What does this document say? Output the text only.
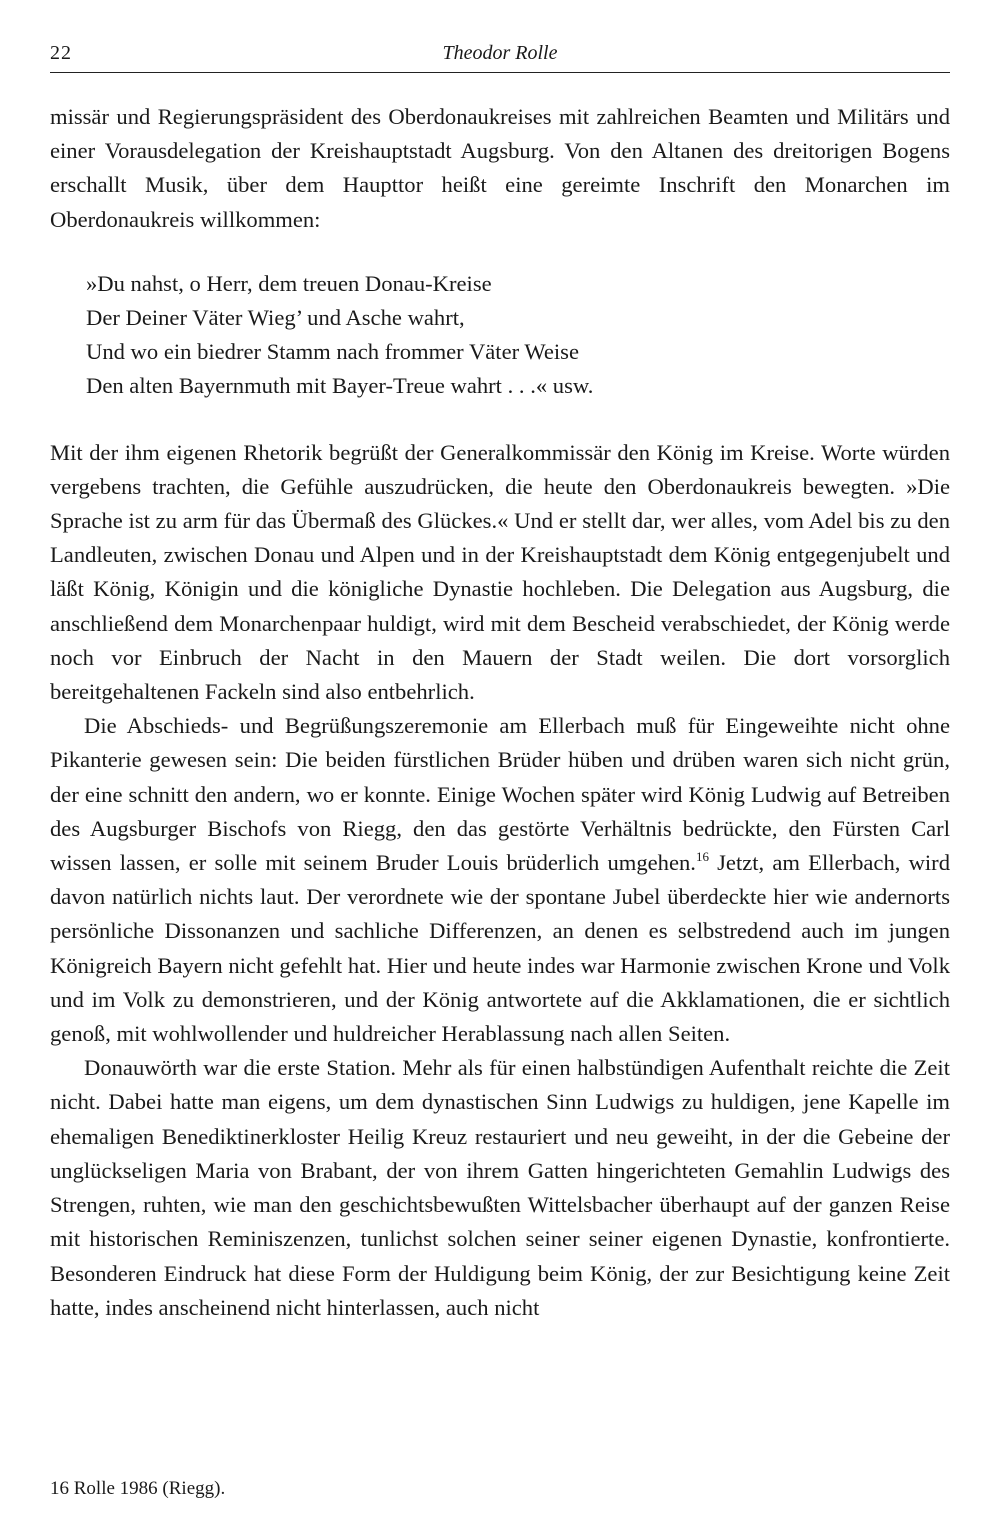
22	Theodor Rolle

missär und Regierungspräsident des Oberdonaukreises mit zahlreichen Beamten und Militärs und einer Vorausdelegation der Kreishauptstadt Augsburg. Von den Altanen des dreitorigen Bogens erschallt Musik, über dem Haupttor heißt eine gereimte Inschrift den Monarchen im Oberdonaukreis willkommen:

»Du nahst, o Herr, dem treuen Donau-Kreise
Der Deiner Väter Wieg’ und Asche wahrt,
Und wo ein biedrer Stamm nach frommer Väter Weise
Den alten Bayernmuth mit Bayer-Treue wahrt . . .« usw.

Mit der ihm eigenen Rhetorik begrüßt der Generalkommissär den König im Kreise. Worte würden vergebens trachten, die Gefühle auszudrücken, die heute den Oberdonaukreis bewegten. »Die Sprache ist zu arm für das Übermaß des Glückes.« Und er stellt dar, wer alles, vom Adel bis zu den Landleuten, zwischen Donau und Alpen und in der Kreishauptstadt dem König entgegenjubelt und läßt König, Königin und die königliche Dynastie hochleben. Die Delegation aus Augsburg, die anschließend dem Monarchenpaar huldigt, wird mit dem Bescheid verabschiedet, der König werde noch vor Einbruch der Nacht in den Mauern der Stadt weilen. Die dort vorsorglich bereitgehaltenen Fackeln sind also entbehrlich.

Die Abschieds- und Begrüßungszeremonie am Ellerbach muß für Eingeweihte nicht ohne Pikanterie gewesen sein: Die beiden fürstlichen Brüder hüben und drüben waren sich nicht grün, der eine schnitt den andern, wo er konnte. Einige Wochen später wird König Ludwig auf Betreiben des Augsburger Bischofs von Riegg, den das gestörte Verhältnis bedrückte, den Fürsten Carl wissen lassen, er solle mit seinem Bruder Louis brüderlich umgehen.$^{16}$ Jetzt, am Ellerbach, wird davon natürlich nichts laut. Der verordnete wie der spontane Jubel überdeckte hier wie andernorts persönliche Dissonanzen und sachliche Differenzen, an denen es selbstredend auch im jungen Königreich Bayern nicht gefehlt hat. Hier und heute indes war Harmonie zwischen Krone und Volk und im Volk zu demonstrieren, und der König antwortete auf die Akklamationen, die er sichtlich genoß, mit wohlwollender und huldreicher Herablassung nach allen Seiten.

Donauwörth war die erste Station. Mehr als für einen halbstündigen Aufenthalt reichte die Zeit nicht. Dabei hatte man eigens, um dem dynastischen Sinn Ludwigs zu huldigen, jene Kapelle im ehemaligen Benediktinerkloster Heilig Kreuz restauriert und neu geweiht, in der die Gebeine der unglückseligen Maria von Brabant, der von ihrem Gatten hingerichteten Gemahlin Ludwigs des Strengen, ruhten, wie man den geschichtsbewußten Wittelsbacher überhaupt auf der ganzen Reise mit historischen Reminiszenzen, tunlichst solchen seiner seiner eigenen Dynastie, konfrontierte. Besonderen Eindruck hat diese Form der Huldigung beim König, der zur Besichtigung keine Zeit hatte, indes anscheinend nicht hinterlassen, auch nicht

16 Rolle 1986 (Riegg).
